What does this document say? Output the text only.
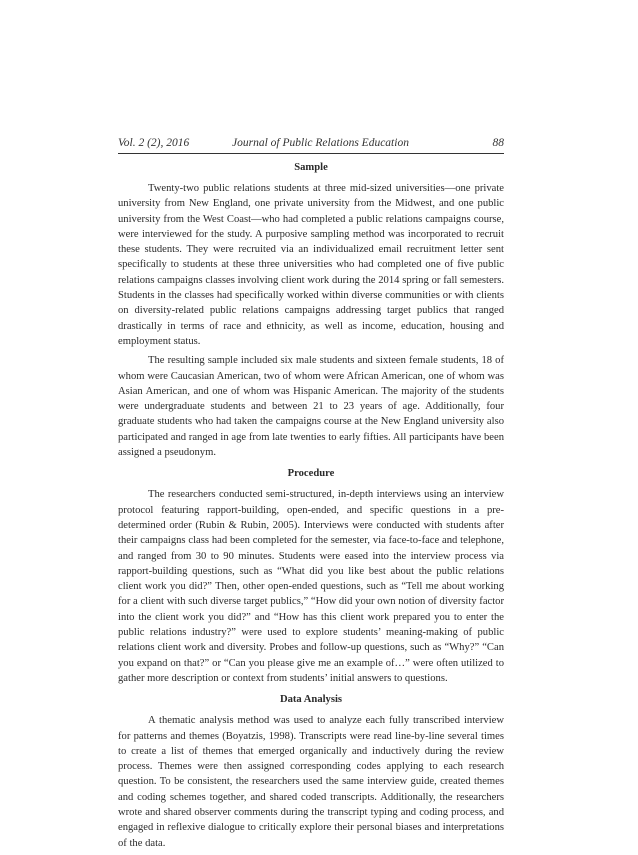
Vol. 2 (2), 2016	Journal of Public Relations Education	88
Sample

Twenty-two public relations students at three mid-sized universities—one private university from New England, one private university from the Midwest, and one public university from the West Coast—who had completed a public relations campaigns course, were interviewed for the study. A purposive sampling method was incorporated to recruit these students. They were recruited via an individualized email recruitment letter sent specifically to students at these three universities who had completed one of five public relations campaigns classes involving client work during the 2014 spring or fall semesters. Students in the classes had specifically worked within diverse communities or with clients on diversity-related public relations campaigns addressing target publics that ranged drastically in terms of race and ethnicity, as well as income, education, housing and employment status.

The resulting sample included six male students and sixteen female students, 18 of whom were Caucasian American, two of whom were African American, one of whom was Asian American, and one of whom was Hispanic American. The majority of the students were undergraduate students and between 21 to 23 years of age. Additionally, four graduate students who had taken the campaigns course at the New England university also participated and ranged in age from late twenties to early fifties. All participants have been assigned a pseudonym.

Procedure

The researchers conducted semi-structured, in-depth interviews using an interview protocol featuring rapport-building, open-ended, and specific questions in a pre-determined order (Rubin & Rubin, 2005). Interviews were conducted with students after their campaigns class had been completed for the semester, via face-to-face and telephone, and ranged from 30 to 90 minutes. Students were eased into the interview process via rapport-building questions, such as “What did you like best about the public relations client work you did?” Then, other open-ended questions, such as “Tell me about working for a client with such diverse target publics,” “How did your own notion of diversity factor into the client work you did?” and “How has this client work prepared you to enter the public relations industry?” were used to explore students’ meaning-making of public relations client work and diversity. Probes and follow-up questions, such as “Why?” “Can you expand on that?” or “Can you please give me an example of…” were often utilized to gather more description or context from students’ initial answers to questions.

Data Analysis

A thematic analysis method was used to analyze each fully transcribed interview for patterns and themes (Boyatzis, 1998). Transcripts were read line-by-line several times to create a list of themes that emerged organically and inductively during the review process. Themes were then assigned corresponding codes applying to each research question. To be consistent, the researchers used the same interview guide, created themes and coding schemes together, and shared coded transcripts. Additionally, the researchers wrote and shared observer comments during the transcript typing and coding process, and engaged in reflexive dialogue to critically explore their personal biases and interpretations of the data.
